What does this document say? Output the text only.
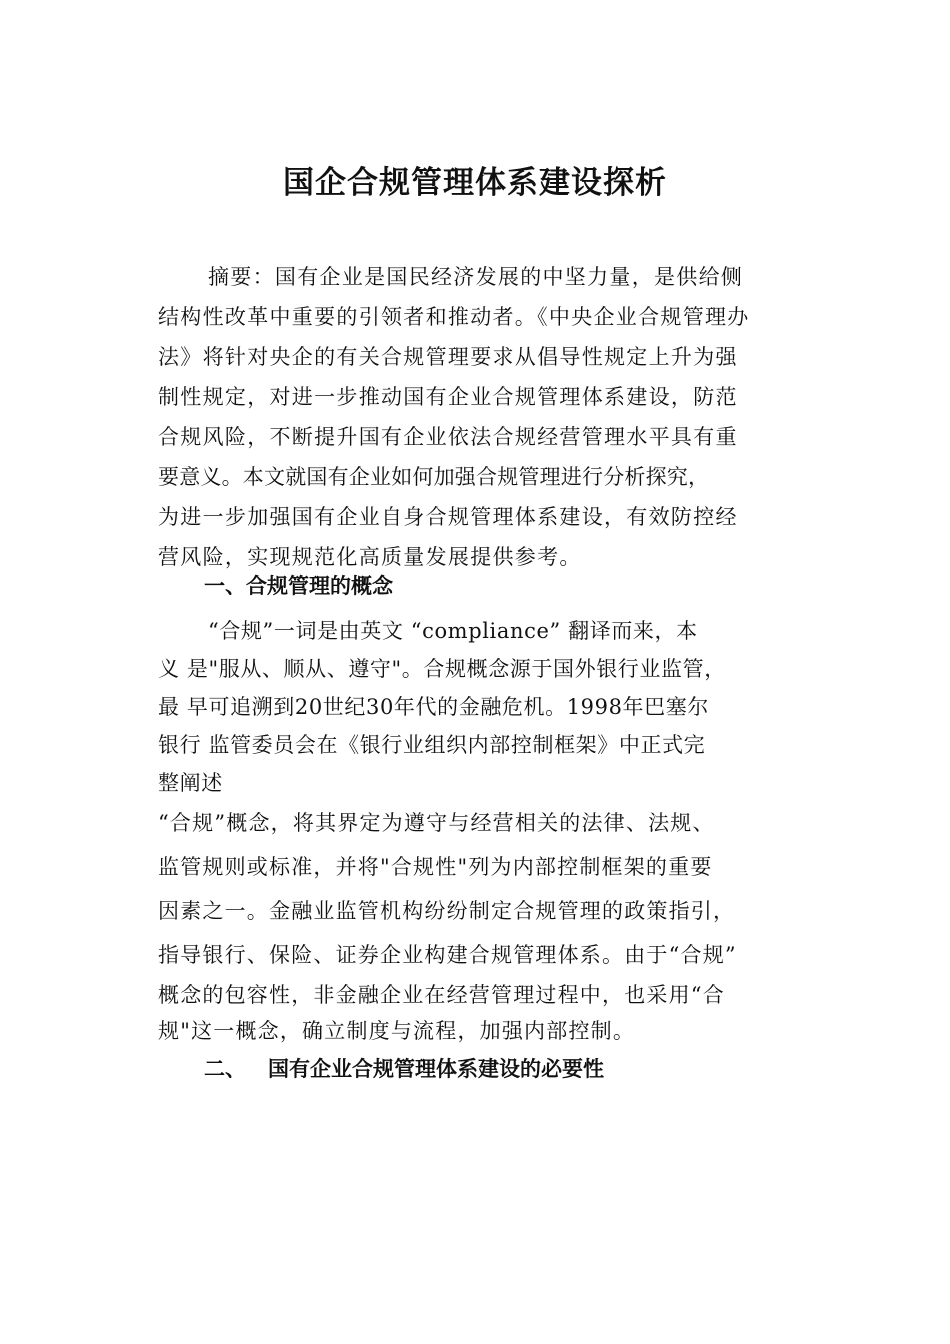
国企合规管理体系建设探析
摘要：国有企业是国民经济发展的中坚力量，是供给侧
结构性改革中重要的引领者和推动者。《中央企业合规管理办
法》将针对央企的有关合规管理要求从倡导性规定上升为强
制性规定，对进一步推动国有企业合规管理体系建设，防范
合规风险，不断提升国有企业依法合规经营管理水平具有重
要意义。本文就国有企业如何加强合规管理进行分析探究，
为进一步加强国有企业自身合规管理体系建设，有效防控经
营风险，实现规范化高质量发展提供参考。
一、合规管理的概念
“合规”一词是由英文 “compliance” 翻译而来，本
义 是"服从、顺从、遵守"。合规概念源于国外银行业监管，
最 早可追溯到20世纪30年代的金融危机。1998年巴塞尔
银行 监管委员会在《银行业组织内部控制框架》中正式完
整阐述
“合规”概念，将其界定为遵守与经营相关的法律、法规、
监管规则或标准，并将"合规性"列为内部控制框架的重要
因素之一。金融业监管机构纷纷制定合规管理的政策指引，
指导银行、保险、证券企业构建合规管理体系。由于“合规”
概念的包容性，非金融企业在经营管理过程中，也采用“合
规"这一概念，确立制度与流程，加强内部控制。
二、 国有企业合规管理体系建设的必要性
